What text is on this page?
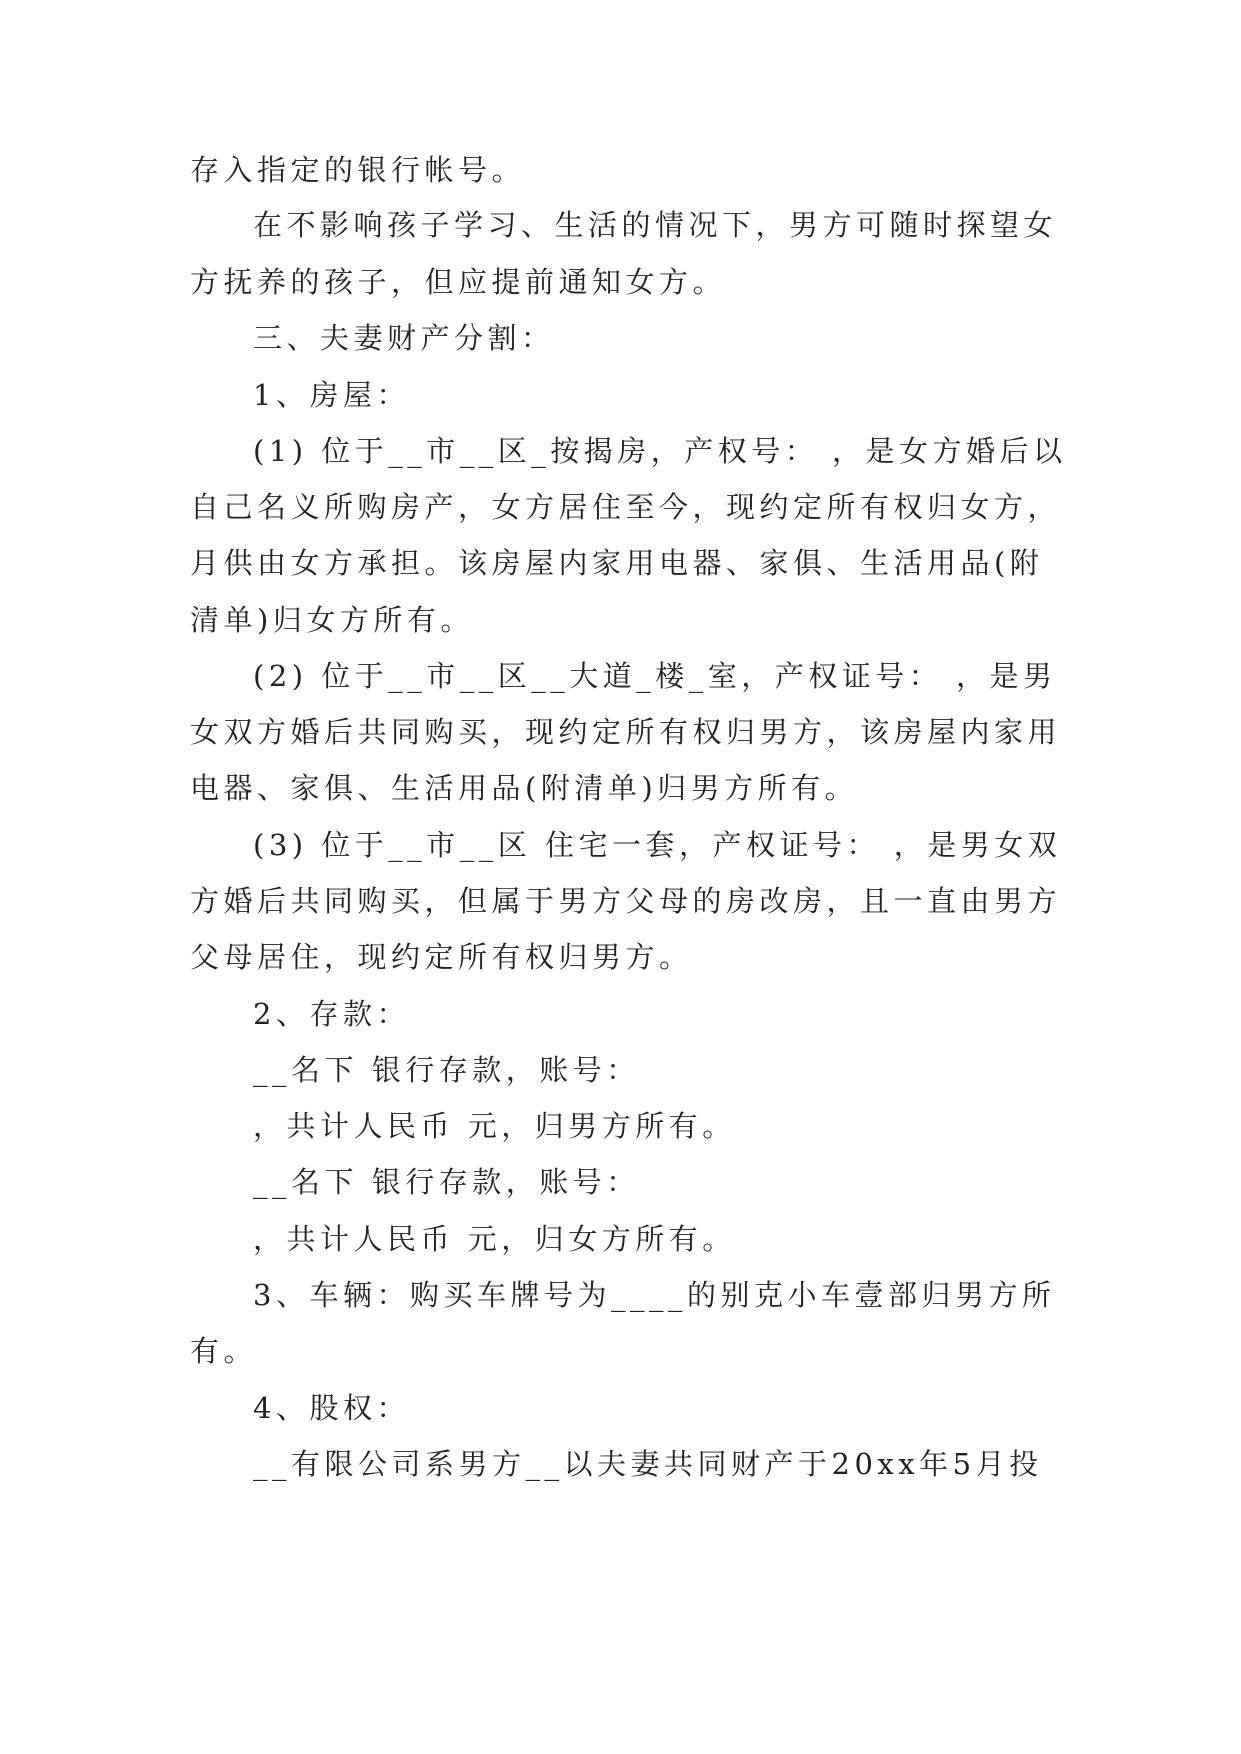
存入指定的银行帐号。
在不影响孩子学习、生活的情况下，男方可随时探望女
方抚养的孩子，但应提前通知女方。
三、夫妻财产分割：
1、房屋：
(1) 位于__市__区_按揭房，产权号： ，是女方婚后以
自己名义所购房产，女方居住至今，现约定所有权归女方，
月供由女方承担。该房屋内家用电器、家俱、生活用品(附
清单)归女方所有。
(2) 位于__市__区__大道_楼_室，产权证号： ，是男
女双方婚后共同购买，现约定所有权归男方，该房屋内家用
电器、家俱、生活用品(附清单)归男方所有。
(3) 位于__市__区 住宅一套，产权证号： ，是男女双
方婚后共同购买，但属于男方父母的房改房，且一直由男方
父母居住，现约定所有权归男方。
2、存款：
__名下 银行存款，账号：
，共计人民币 元，归男方所有。
__名下 银行存款，账号：
，共计人民币 元，归女方所有。
3、车辆：购买车牌号为____的别克小车壹部归男方所
有。
4、股权：
__有限公司系男方__以夫妻共同财产于20xx年5月投
